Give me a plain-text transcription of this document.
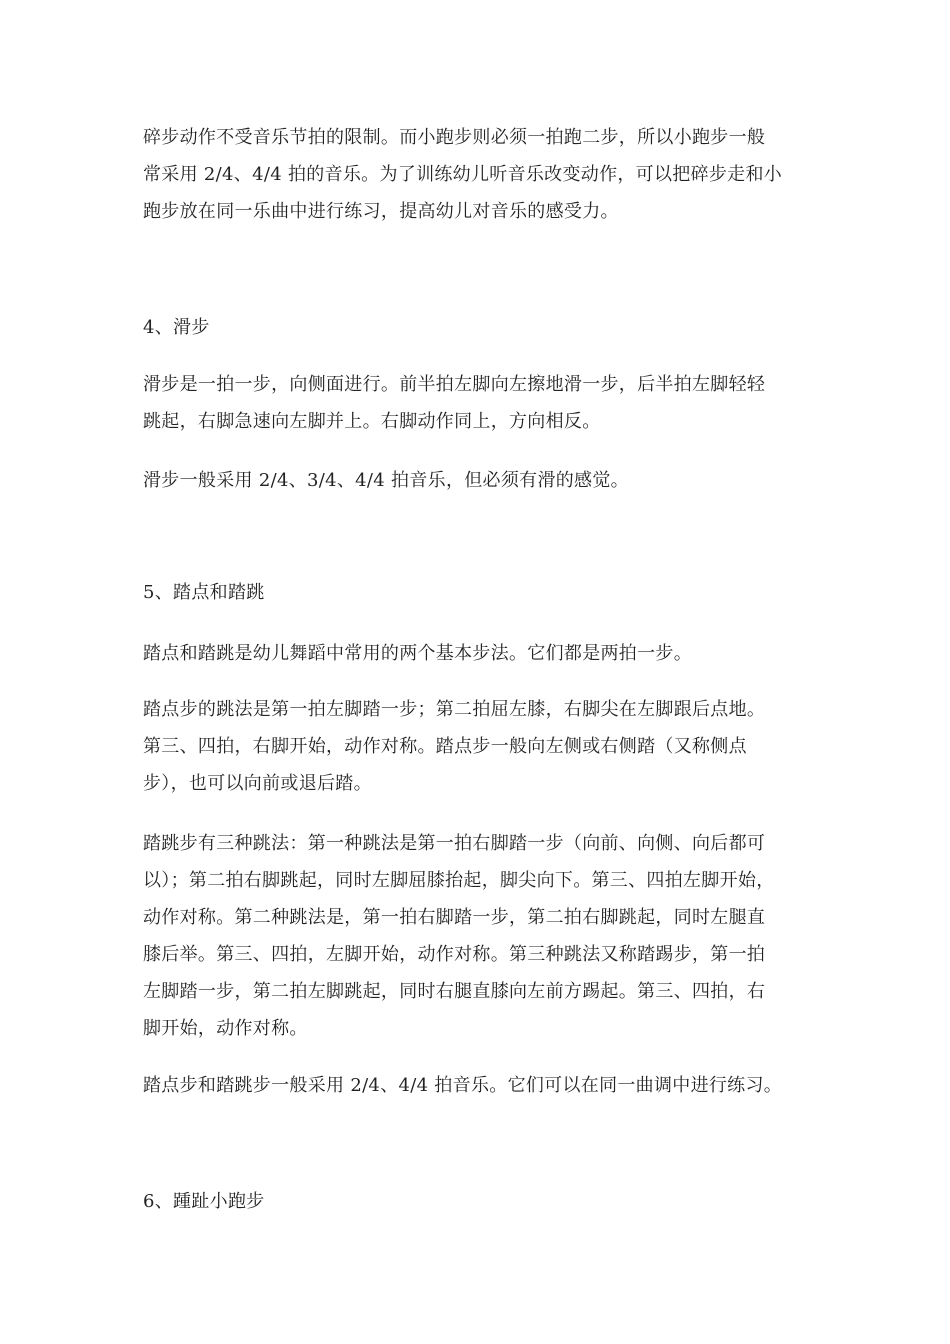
碎步动作不受音乐节拍的限制。而小跑步则必须一拍跑二步，所以小跑步一般
常采用 2/4、4/4 拍的音乐。为了训练幼儿听音乐改变动作，可以把碎步走和小
跑步放在同一乐曲中进行练习，提高幼儿对音乐的感受力。

4、滑步

滑步是一拍一步，向侧面进行。前半拍左脚向左擦地滑一步，后半拍左脚轻轻
跳起，右脚急速向左脚并上。右脚动作同上，方向相反。

滑步一般采用 2/4、3/4、4/4 拍音乐，但必须有滑的感觉。

5、踏点和踏跳

踏点和踏跳是幼儿舞蹈中常用的两个基本步法。它们都是两拍一步。

踏点步的跳法是第一拍左脚踏一步；第二拍屈左膝，右脚尖在左脚跟后点地。
第三、四拍，右脚开始，动作对称。踏点步一般向左侧或右侧踏（又称侧点
步），也可以向前或退后踏。

踏跳步有三种跳法：第一种跳法是第一拍右脚踏一步（向前、向侧、向后都可
以）；第二拍右脚跳起，同时左脚屈膝抬起，脚尖向下。第三、四拍左脚开始，
动作对称。第二种跳法是，第一拍右脚踏一步，第二拍右脚跳起，同时左腿直
膝后举。第三、四拍，左脚开始，动作对称。第三种跳法又称踏踢步，第一拍
左脚踏一步，第二拍左脚跳起，同时右腿直膝向左前方踢起。第三、四拍，右
脚开始，动作对称。

踏点步和踏跳步一般采用 2/4、4/4 拍音乐。它们可以在同一曲调中进行练习。

6、踵趾小跑步
